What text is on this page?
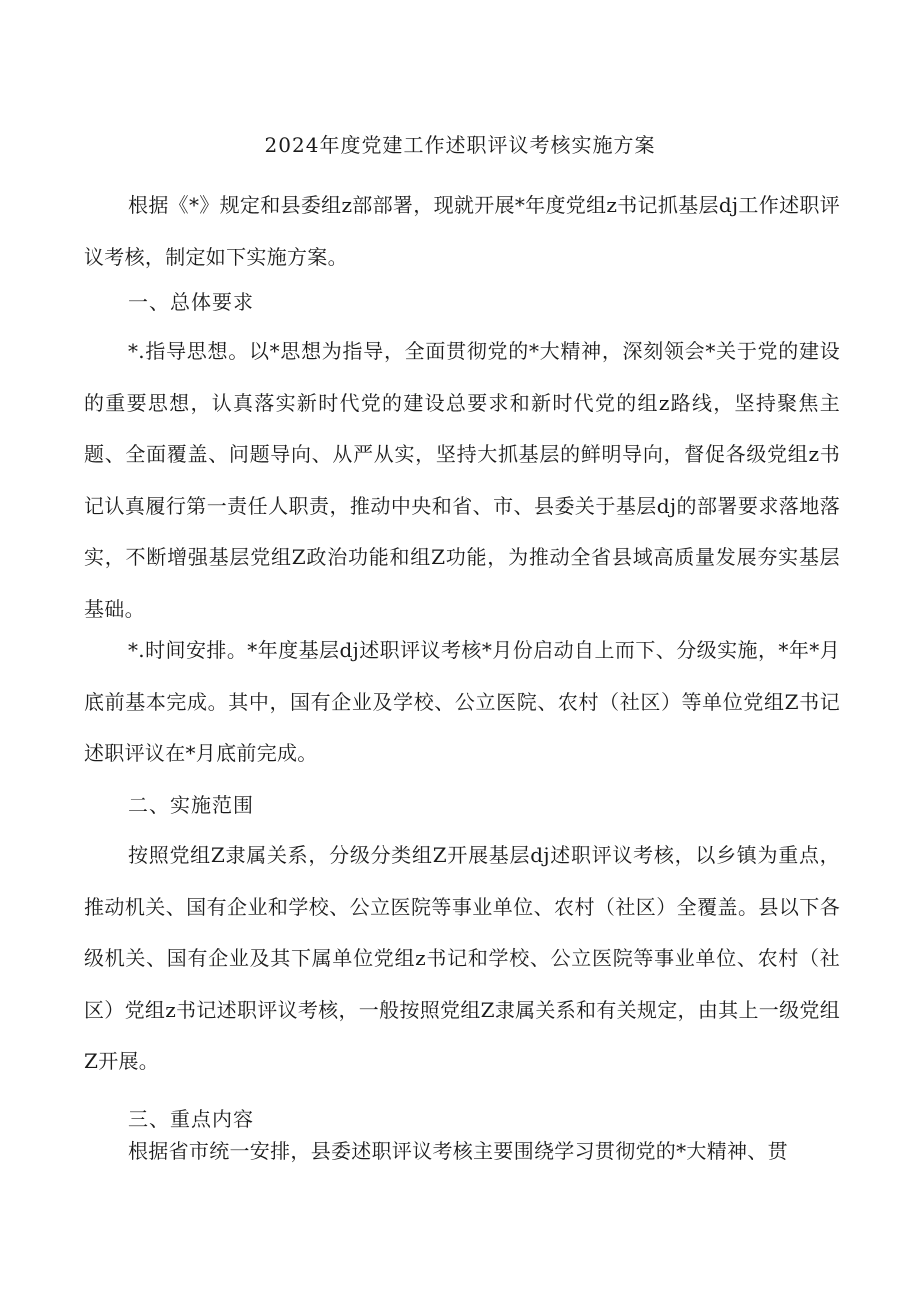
2024年度党建工作述职评议考核实施方案

根据《*》规定和县委组z部部署，现就开展*年度党组z书记抓基层dj工作述职评议考核，制定如下实施方案。

一、总体要求

*.指导思想。以*思想为指导，全面贯彻党的*大精神，深刻领会*关于党的建设的重要思想，认真落实新时代党的建设总要求和新时代党的组z路线，坚持聚焦主题、全面覆盖、问题导向、从严从实，坚持大抓基层的鲜明导向，督促各级党组z书记认真履行第一责任人职责，推动中央和省、市、县委关于基层dj的部署要求落地落实，不断增强基层党组Z政治功能和组Z功能，为推动全省县域高质量发展夯实基层基础。

*.时间安排。*年度基层dj述职评议考核*月份启动自上而下、分级实施，*年*月底前基本完成。其中，国有企业及学校、公立医院、农村（社区）等单位党组Z书记述职评议在*月底前完成。

二、实施范围

按照党组Z隶属关系，分级分类组Z开展基层dj述职评议考核，以乡镇为重点，推动机关、国有企业和学校、公立医院等事业单位、农村（社区）全覆盖。县以下各级机关、国有企业及其下属单位党组z书记和学校、公立医院等事业单位、农村（社区）党组z书记述职评议考核，一般按照党组Z隶属关系和有关规定，由其上一级党组Z开展。

三、重点内容

根据省市统一安排，县委述职评议考核主要围绕学习贯彻党的*大精神、贯
